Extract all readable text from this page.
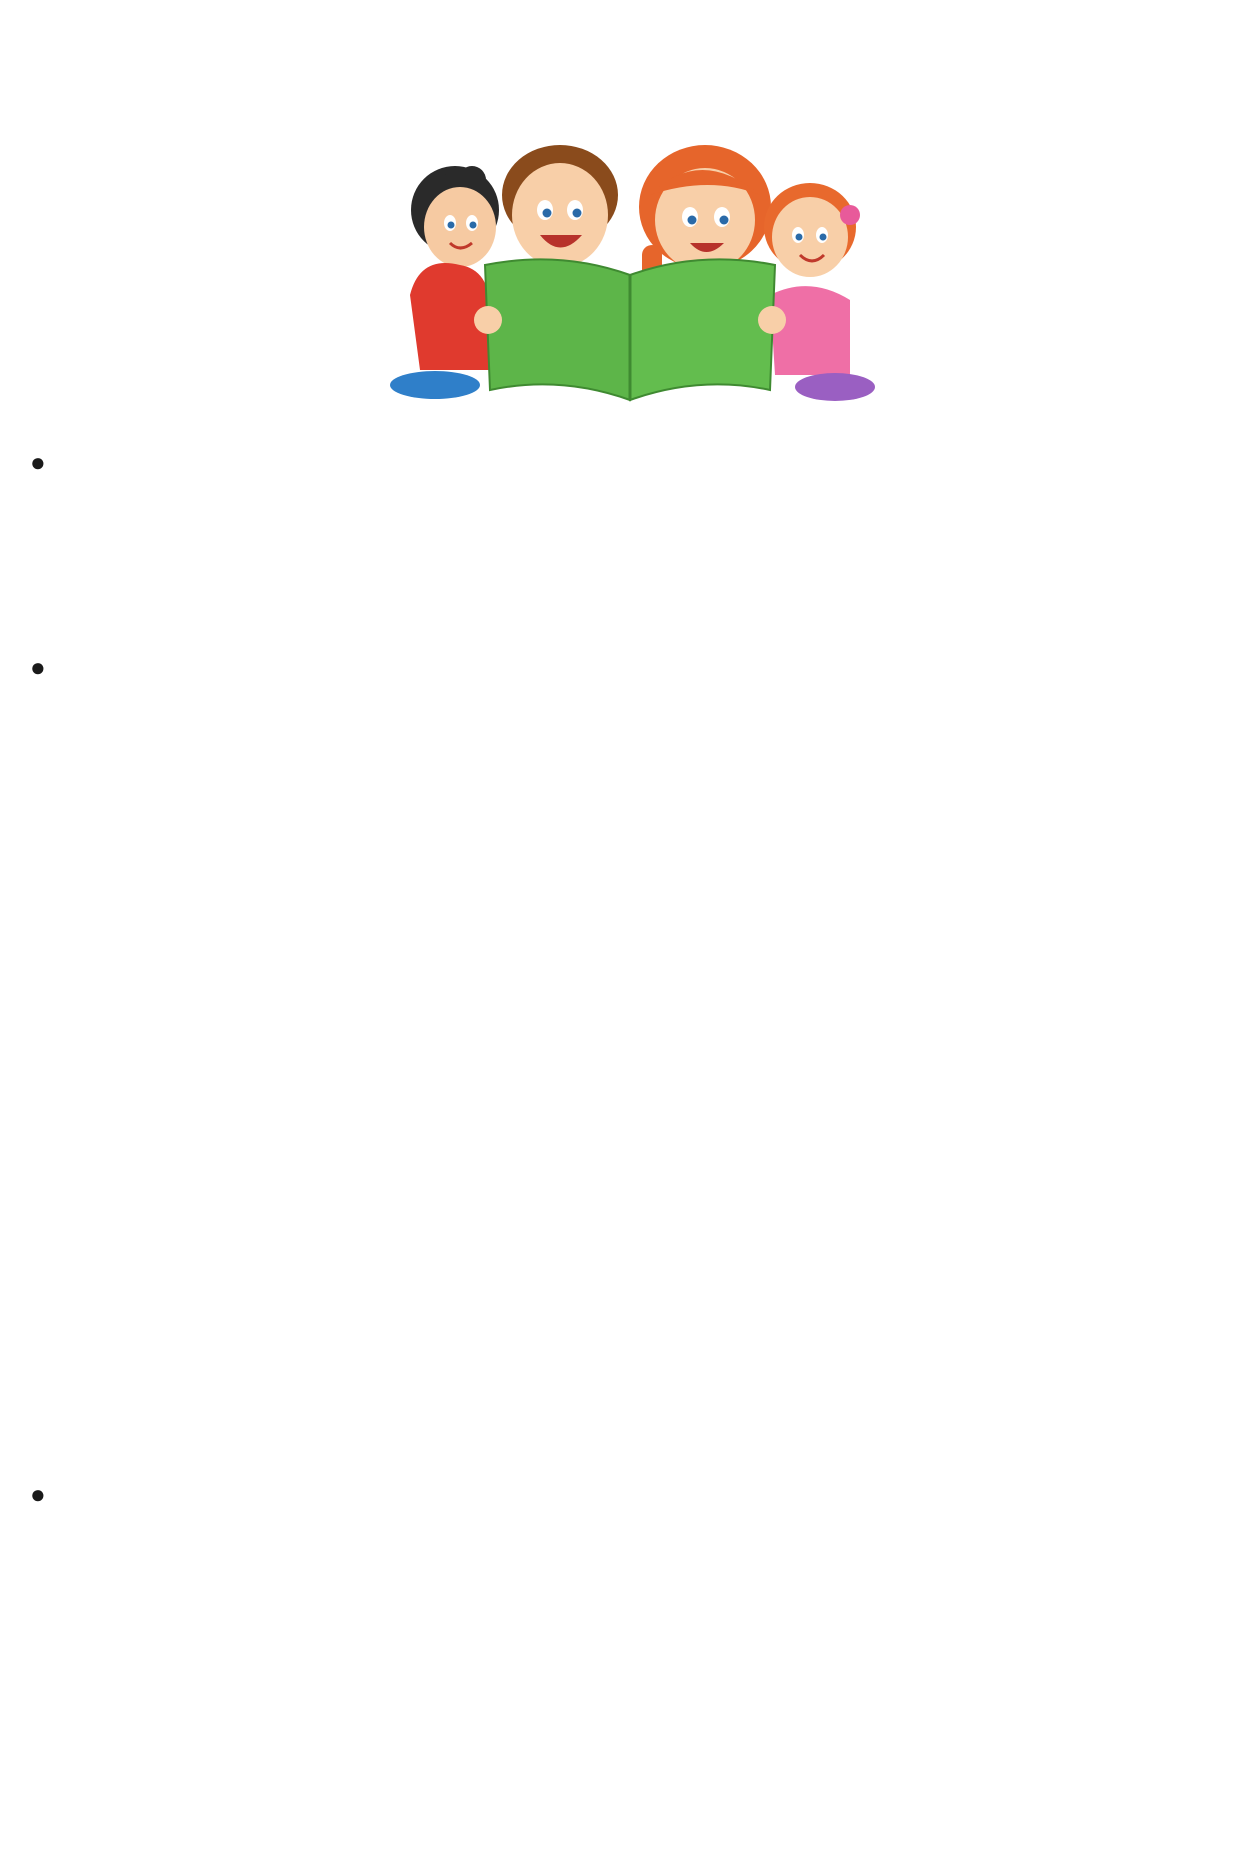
●
●
●
